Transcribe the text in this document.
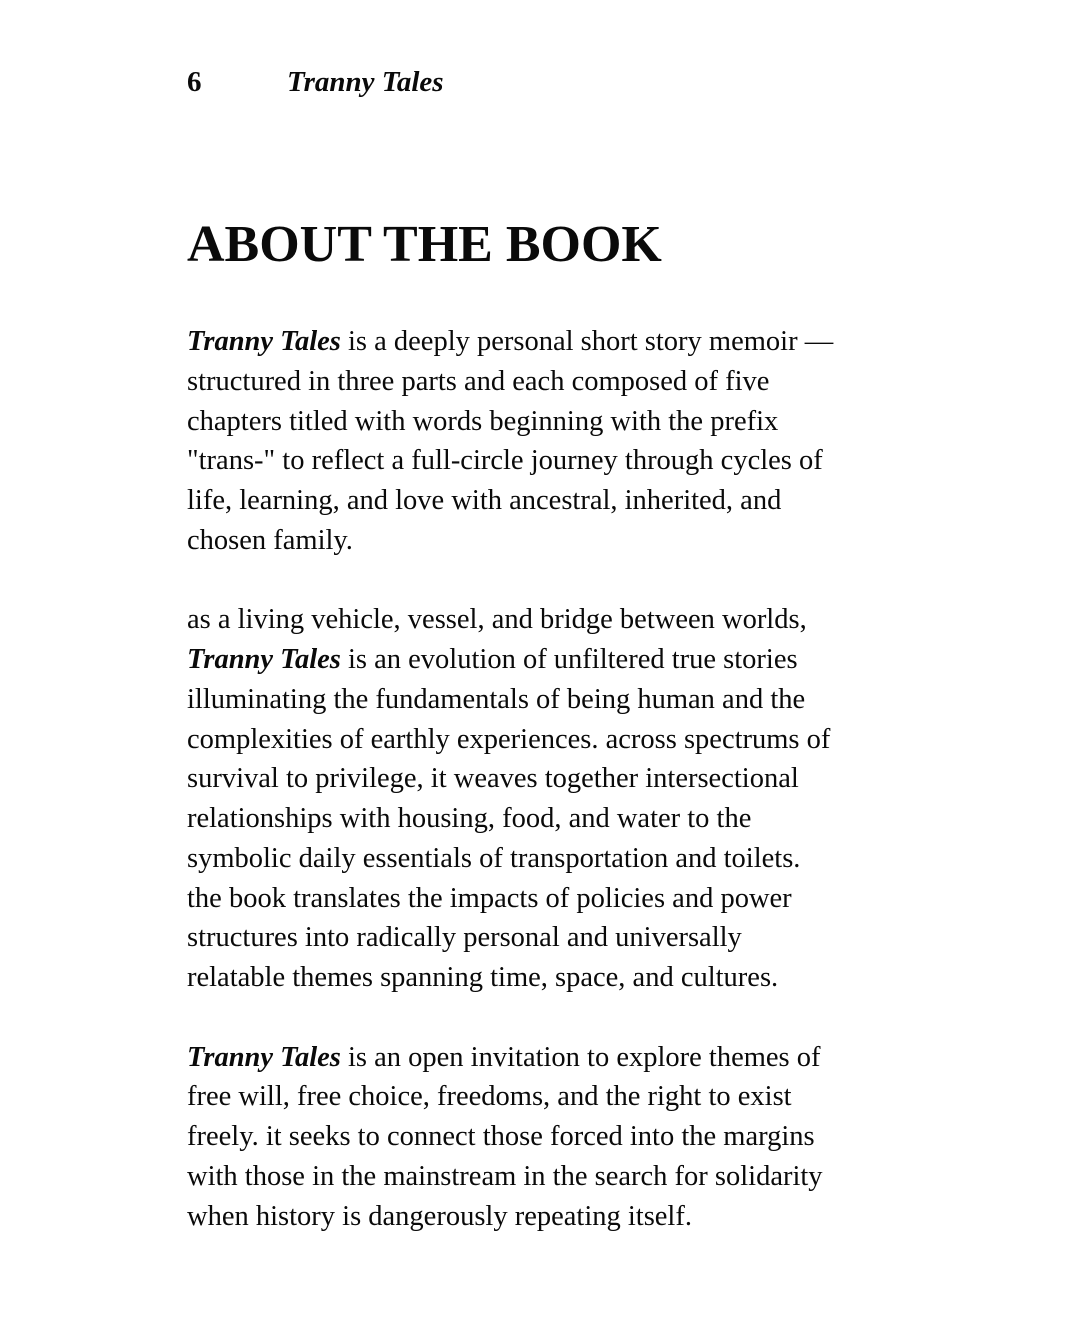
6	Tranny Tales
ABOUT THE BOOK

Tranny Tales is a deeply personal short story memoir —
structured in three parts and each composed of five
chapters titled with words beginning with the prefix
"trans-" to reflect a full-circle journey through cycles of
life, learning, and love with ancestral, inherited, and
chosen family.

as a living vehicle, vessel, and bridge between worlds,
Tranny Tales is an evolution of unfiltered true stories
illuminating the fundamentals of being human and the
complexities of earthly experiences. across spectrums of
survival to privilege, it weaves together intersectional
relationships with housing, food, and water to the
symbolic daily essentials of transportation and toilets.
the book translates the impacts of policies and power
structures into radically personal and universally
relatable themes spanning time, space, and cultures.

Tranny Tales is an open invitation to explore themes of
free will, free choice, freedoms, and the right to exist
freely. it seeks to connect those forced into the margins
with those in the mainstream in the search for solidarity
when history is dangerously repeating itself.
